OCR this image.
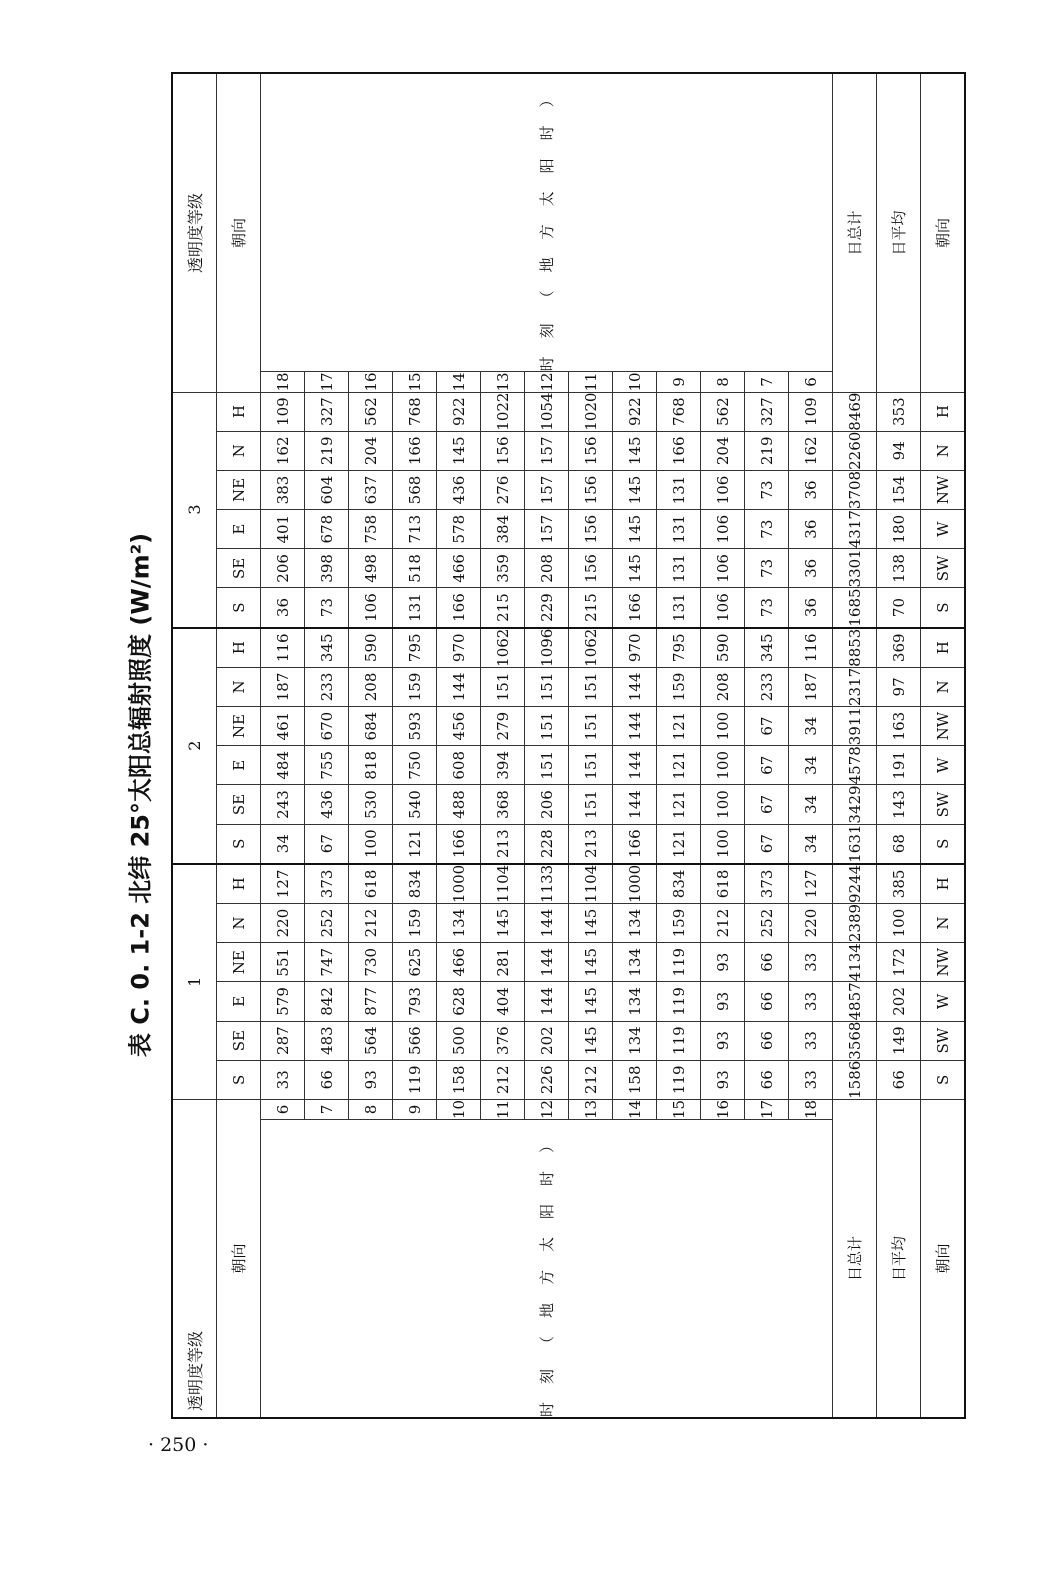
表 C. 0. 1-2 北纬 25°太阳总辐射照度 (W/m²)
透明度等级		1						2						3						透明度等级	
朝向		S	SE	E	NE	N	H	S	SE	E	NE	N	H	S	SE	E	NE	N	H	朝向	
时刻（地方太阳时）	6	33	287	579	551	220	127	34	243	484	461	187	116	36	206	401	383	162	109	18	时刻（地方太阳时）
	7	66	483	842	747	252	373	67	436	755	670	233	345	73	398	678	604	219	327	17	
	8	93	564	877	730	212	618	100	530	818	684	208	590	106	498	758	637	204	562	16	
	9	119	566	793	625	159	834	121	540	750	593	159	795	131	518	713	568	166	768	15	
	10	158	500	628	466	134	1000	166	488	608	456	144	970	166	466	578	436	145	922	14	
	11	212	376	404	281	145	1104	213	368	394	279	151	1062	215	359	384	276	156	1022	13	
	12	226	202	144	144	144	1133	228	206	151	151	151	1096	229	208	157	157	157	1054	12	
	13	212	145	145	145	145	1104	213	151	151	151	151	1062	215	156	156	156	156	1020	11	
	14	158	134	134	134	134	1000	166	144	144	144	144	970	166	145	145	145	145	922	10	
	15	119	119	119	119	159	834	121	121	121	121	159	795	131	131	131	131	166	768	9	
	16	93	93	93	93	212	618	100	100	100	100	208	590	106	106	106	106	204	562	8	
	17	66	66	66	66	252	373	67	67	67	67	233	345	73	73	73	73	219	327	7	
	18	33	33	33	33	220	127	34	34	34	34	187	116	36	36	36	36	162	109	6	
日总计		1586	3568	4857	4134	2389	9244	1631	3429	4578	3911	2317	8853	1685	3301	4317	3708	2260	8469	日总计	
日平均		66	149	202	172	100	385	68	143	191	163	97	369	70	138	180	154	94	353	日平均	
朝向		S	SW	W	NW	N	H	S	SW	W	NW	N	H	S	SW	W	NW	N	H	朝向	
· 250 ·
